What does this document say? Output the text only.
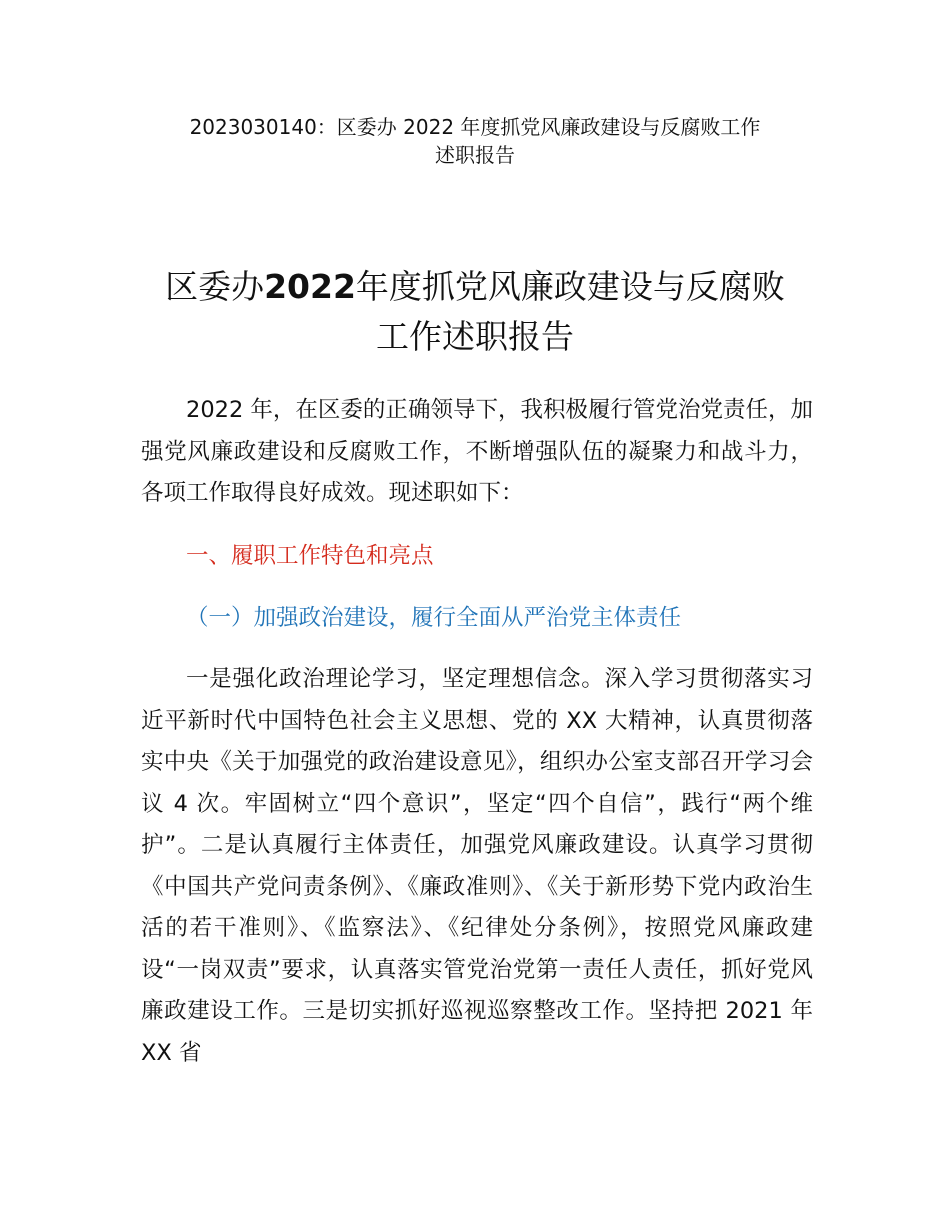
2023030140：区委办 2022 年度抓党风廉政建设与反腐败工作
述职报告
区委办2022年度抓党风廉政建设与反腐败
工作述职报告
2022 年，在区委的正确领导下，我积极履行管党治党责任，加强党风廉政建设和反腐败工作，不断增强队伍的凝聚力和战斗力，各项工作取得良好成效。现述职如下：
一、履职工作特色和亮点
（一）加强政治建设，履行全面从严治党主体责任
一是强化政治理论学习，坚定理想信念。深入学习贯彻落实习近平新时代中国特色社会主义思想、党的 XX 大精神，认真贯彻落实中央《关于加强党的政治建设意见》，组织办公室支部召开学习会议 4 次。牢固树立“四个意识”，坚定“四个自信”，践行“两个维护”。二是认真履行主体责任，加强党风廉政建设。认真学习贯彻《中国共产党问责条例》、《廉政准则》、《关于新形势下党内政治生活的若干准则》、《监察法》、《纪律处分条例》，按照党风廉政建设“一岗双责”要求，认真落实管党治党第一责任人责任，抓好党风廉政建设工作。三是切实抓好巡视巡察整改工作。坚持把 2021 年 XX 省
